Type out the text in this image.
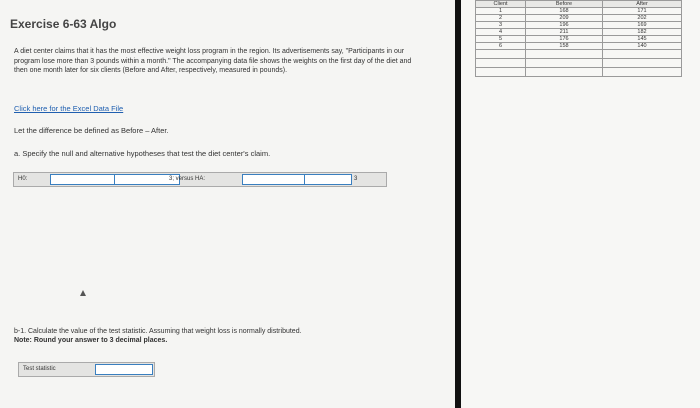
Exercise 6-63 Algo
A diet center claims that it has the most effective weight loss program in the region. Its advertisements say, "Participants in our program lose more than 3 pounds within a month." The accompanying data file shows the weights on the first day of the diet and then one month later for six clients (Before and After, respectively, measured in pounds).
Click here for the Excel Data File
Let the difference be defined as Before – After.
a. Specify the null and alternative hypotheses that test the diet center's claim.
H0:	3; versus HA:	3
b-1. Calculate the value of the test statistic. Assuming that weight loss is normally distributed.
Note: Round your answer to 3 decimal places.
Test statistic
Client	Before	After
1	168	171
2	209	202
3	196	169
4	211	182
5	176	145
6	158	140
